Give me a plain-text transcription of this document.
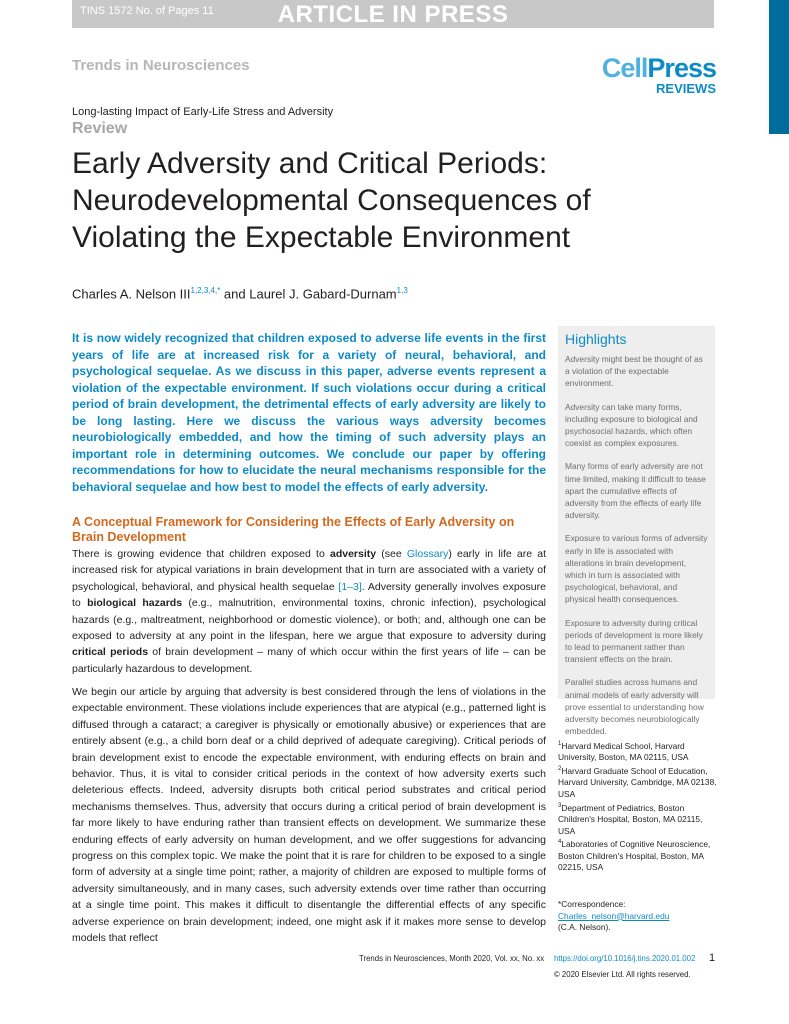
TINS 1572 No. of Pages 11	ARTICLE IN PRESS
Trends in Neurosciences	CellPress
REVIEWS
Long-lasting Impact of Early-Life Stress and Adversity
Review
Early Adversity and Critical Periods: Neurodevelopmental Consequences of Violating the Expectable Environment
Charles A. Nelson $III^{1,2,3,4,*}$ and Laurel J. Gabard-Durnam$^{1,3}$

It is now widely recognized that children exposed to adverse life events in the first years of life are at increased risk for a variety of neural, behavioral, and psychological sequelae. As we discuss in this paper, adverse events represent a violation of the expectable environment. If such violations occur during a critical period of brain development, the detrimental effects of early adversity are likely to be long lasting. Here we discuss the various ways adversity becomes neurobiologically embedded, and how the timing of such adversity plays an important role in determining outcomes. We conclude our paper by offering recommendations for how to elucidate the neural mechanisms responsible for the behavioral sequelae and how best to model the effects of early adversity.

A Conceptual Framework for Considering the Effects of Early Adversity on Brain Development

There is growing evidence that children exposed to adversity (see Glossary) early in life are at increased risk for atypical variations in brain development that in turn are associated with a variety of psychological, behavioral, and physical health sequelae [1–3]. Adversity generally involves exposure to biological hazards (e.g., malnutrition, environmental toxins, chronic infection), psychological hazards (e.g., maltreatment, neighborhood or domestic violence), or both; and, although one can be exposed to adversity at any point in the lifespan, here we argue that exposure to adversity during critical periods of brain development – many of which occur within the first years of life – can be particularly hazardous to development.

We begin our article by arguing that adversity is best considered through the lens of violations in the expectable environment. These violations include experiences that are atypical (e.g., patterned light is diffused through a cataract; a caregiver is physically or emotionally abusive) or experiences that are entirely absent (e.g., a child born deaf or a child deprived of adequate caregiving). Critical periods of brain development exist to encode the expectable environment, with enduring effects on brain and behavior. Thus, it is vital to consider critical periods in the context of how adversity exerts such deleterious effects. Indeed, adversity disrupts both critical period substrates and critical period mechanisms themselves. Thus, adversity that occurs during a critical period of brain development is far more likely to have enduring rather than transient effects on development. We summarize these enduring effects of early adversity on human development, and we offer suggestions for advancing progress on this complex topic. We make the point that it is rare for children to be exposed to a single form of adversity at a single time point; rather, a majority of children are exposed to multiple forms of adversity simultaneously, and in many cases, such adversity extends over time rather than occurring at a single time point. This makes it difficult to disentangle the differential effects of any specific adverse experience on brain development; indeed, one might ask if it makes more sense to develop models that reflect

Highlights

Adversity might best be thought of as a violation of the expectable environment.

Adversity can take many forms, including exposure to biological and psychosocial hazards, which often coexist as complex exposures.

Many forms of early adversity are not time limited, making it difficult to tease apart the cumulative effects of adversity from the effects of early life adversity.

Exposure to various forms of adversity early in life is associated with alterations in brain development, which in turn is associated with psychological, behavioral, and physical health consequences.

Exposure to adversity during critical periods of development is more likely to lead to permanent rather than transient effects on the brain.

Parallel studies across humans and animal models of early adversity will prove essential to understanding how adversity becomes neurobiologically embedded.

$^1$Harvard Medical School, Harvard University, Boston, MA 02115, USA

$^2$Harvard Graduate School of Education, Harvard University, Cambridge, MA 02138, USA

$^3$Department of Pediatrics, Boston Children's Hospital, Boston, MA 02115, USA

$^4$Laboratories of Cognitive Neuroscience, Boston Children's Hospital, Boston, MA 02215, USA

*Correspondence:
Charles_nelson@harvard.edu
(C.A. Nelson).
Trends in Neurosciences, Month 2020, Vol. xx, No. xx https://doi.org/10.1016/j.tins.2020.01.002 1
© 2020 Elsevier Ltd. All rights reserved.
